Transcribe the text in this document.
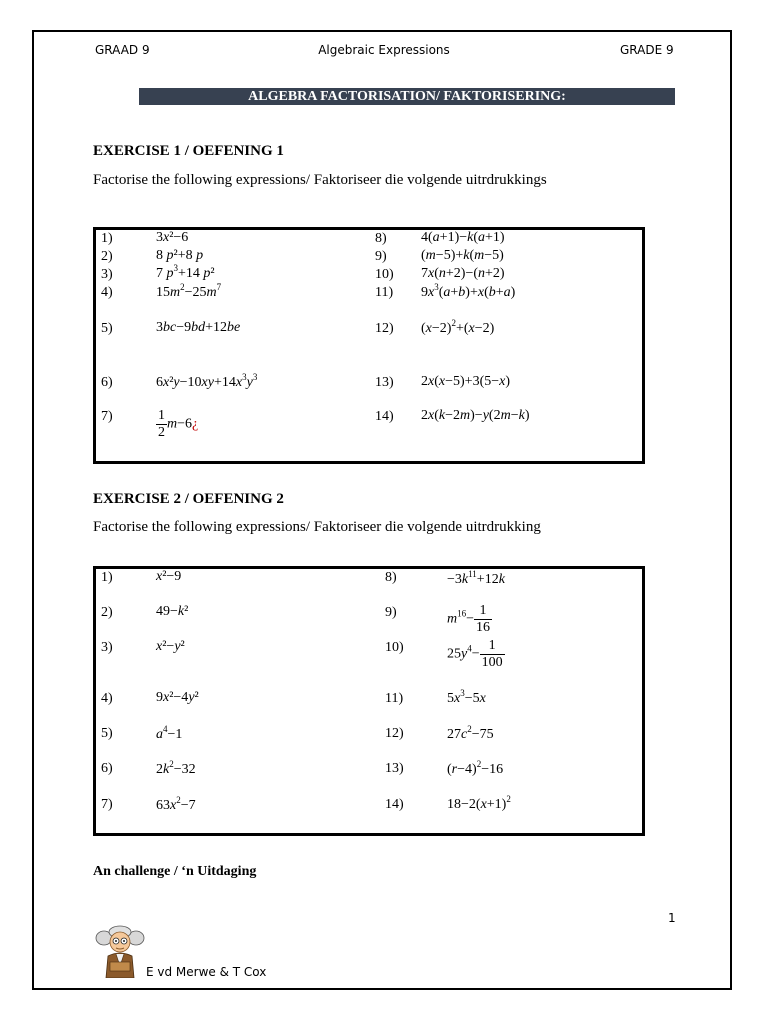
GRAAD 9	Algebraic Expressions	GRADE 9
ALGEBRA FACTORISATION/ FAKTORISERING:
EXERCISE 1 / OEFENING 1
Factorise the following expressions/ Faktoriseer die volgende uitrdrukkings
1)
2)
3)
4)
5)
6)
7)
8)
9)
10)
11)
12)
13)
14)
3x²−6
8 p²+8 p
7 $p^3+14$ p²
$15m^2-25m^7$
3bc−9bd+12be
$6x^2y-10xy+14x^3y^3$
$\frac{1}{2}$ m−6¿
4(a+1)−k(a+1)
(m−5)+k(m−5)
7x(n+2)−(n+2)
$9x^3(a+b)+x(b+a)$
$(x-2)^2+(x-2)$
2x(x−5)+3(5−x)
2x(k−2m)−y(2m−k)
EXERCISE 2 / OEFENING 2
Factorise the following expressions/ Faktoriseer die volgende uitrdrukking
1)
2)
3)
4)
5)
6)
7)
8)
9)
10)
11)
12)
13)
14)
x²−9
49−k²
x²−y²
9x²−4y²
$a^4-1$
$2k^2-32$
$63x^2-7$
$-3k^{11}+12k$
$m^{16}- \frac{1}{16}$
$25y^4- \frac{1}{100}$
$5x^3-5x$
$27c^2-75$
$(r-4)^2-16$
$18-2(x+1)^2$
An challenge / ‘n Uitdaging
1
E vd Merwe & T Cox
